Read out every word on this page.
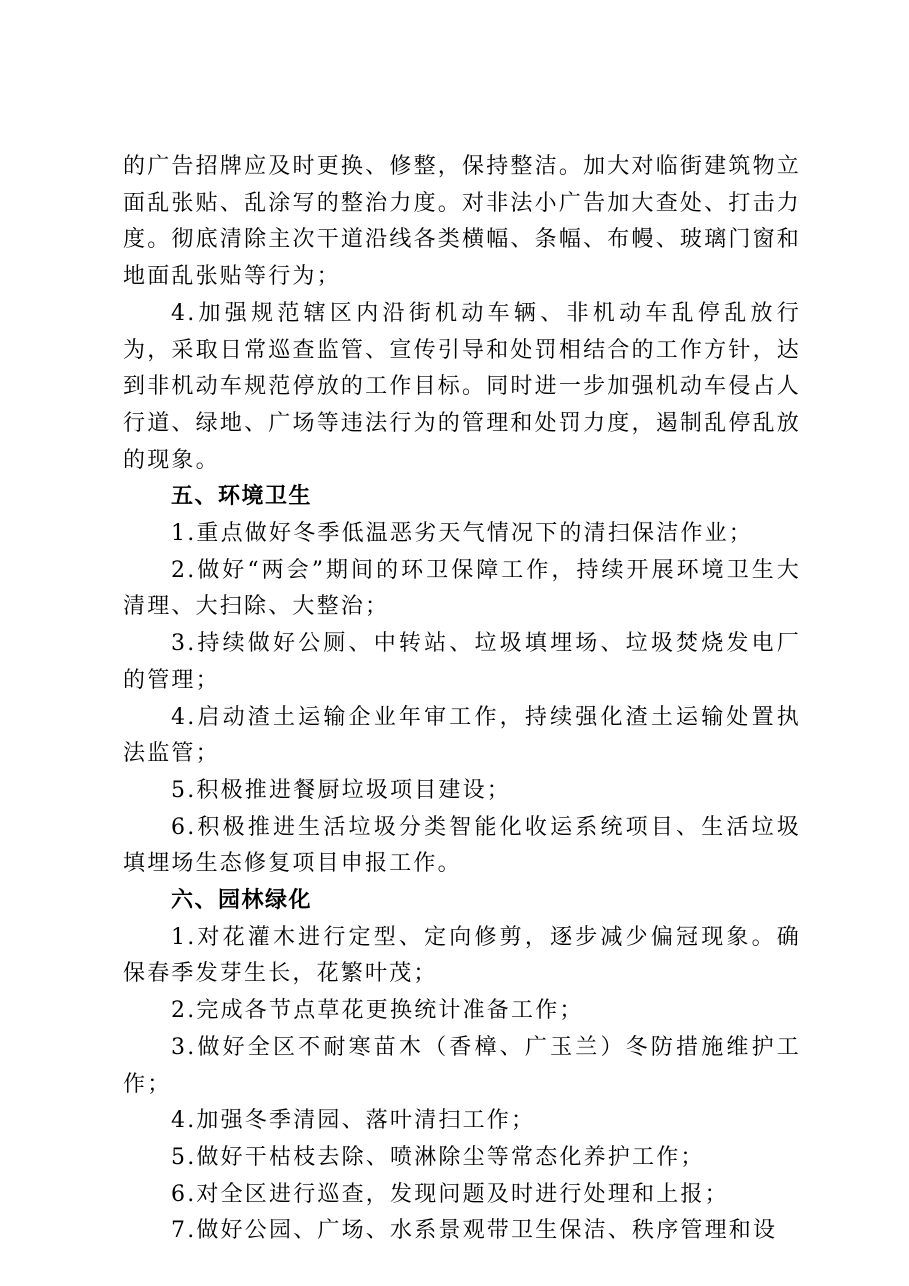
的广告招牌应及时更换、修整，保持整洁。加大对临街建筑物立面乱张贴、乱涂写的整治力度。对非法小广告加大查处、打击力度。彻底清除主次干道沿线各类横幅、条幅、布幔、玻璃门窗和地面乱张贴等行为；

4.加强规范辖区内沿街机动车辆、非机动车乱停乱放行为，采取日常巡查监管、宣传引导和处罚相结合的工作方针，达到非机动车规范停放的工作目标。同时进一步加强机动车侵占人行道、绿地、广场等违法行为的管理和处罚力度，遏制乱停乱放的现象。

五、环境卫生

1.重点做好冬季低温恶劣天气情况下的清扫保洁作业；

2.做好“两会”期间的环卫保障工作，持续开展环境卫生大清理、大扫除、大整治；

3.持续做好公厕、中转站、垃圾填埋场、垃圾焚烧发电厂的管理；

4.启动渣土运输企业年审工作，持续强化渣土运输处置执法监管；

5.积极推进餐厨垃圾项目建设；

6.积极推进生活垃圾分类智能化收运系统项目、生活垃圾填埋场生态修复项目申报工作。

六、园林绿化

1.对花灌木进行定型、定向修剪，逐步减少偏冠现象。确保春季发芽生长，花繁叶茂；

2.完成各节点草花更换统计准备工作；

3.做好全区不耐寒苗木（香樟、广玉兰）冬防措施维护工作；

4.加强冬季清园、落叶清扫工作；

5.做好干枯枝去除、喷淋除尘等常态化养护工作；

6.对全区进行巡查，发现问题及时进行处理和上报；

7.做好公园、广场、水系景观带卫生保洁、秩序管理和设
